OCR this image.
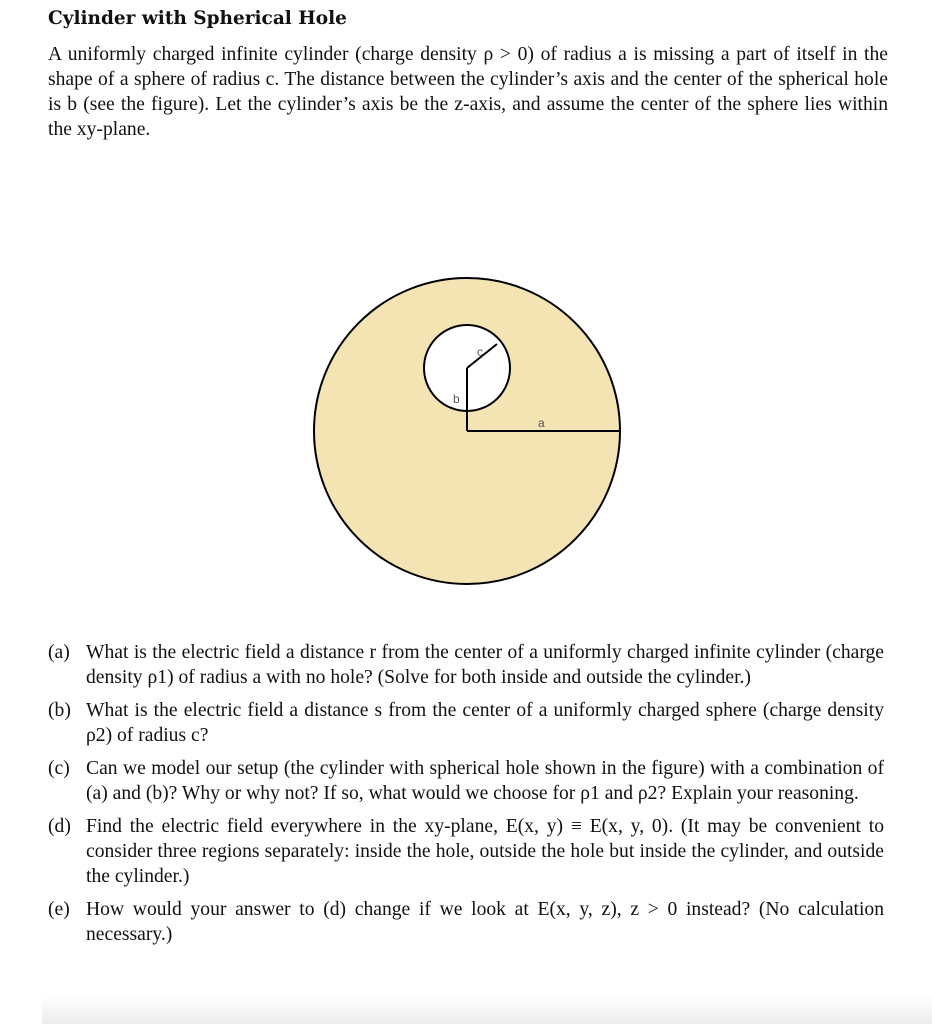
Cylinder with Spherical Hole

A uniformly charged infinite cylinder (charge density ρ > 0) of radius a is missing a part of itself in the shape of a sphere of radius c. The distance between the cylinder’s axis and the center of the spherical hole is b (see the figure). Let the cylinder’s axis be the z-axis, and assume the center of the sphere lies within the xy-plane.

a
b
c
(a) What is the electric field a distance r from the center of a uniformly charged infinite cylinder (charge density ρ1) of radius a with no hole? (Solve for both inside and outside the cylinder.)
(b) What is the electric field a distance s from the center of a uniformly charged sphere (charge density ρ2) of radius c?
(c) Can we model our setup (the cylinder with spherical hole shown in the figure) with a combination of (a) and (b)? Why or why not? If so, what would we choose for ρ1 and ρ2? Explain your reasoning.
(d) Find the electric field everywhere in the xy-plane, E(x, y) ≡ E(x, y, 0). (It may be convenient to consider three regions separately: inside the hole, outside the hole but inside the cylinder, and outside the cylinder.)
(e) How would your answer to (d) change if we look at E(x, y, z), z > 0 instead? (No calculation necessary.)
